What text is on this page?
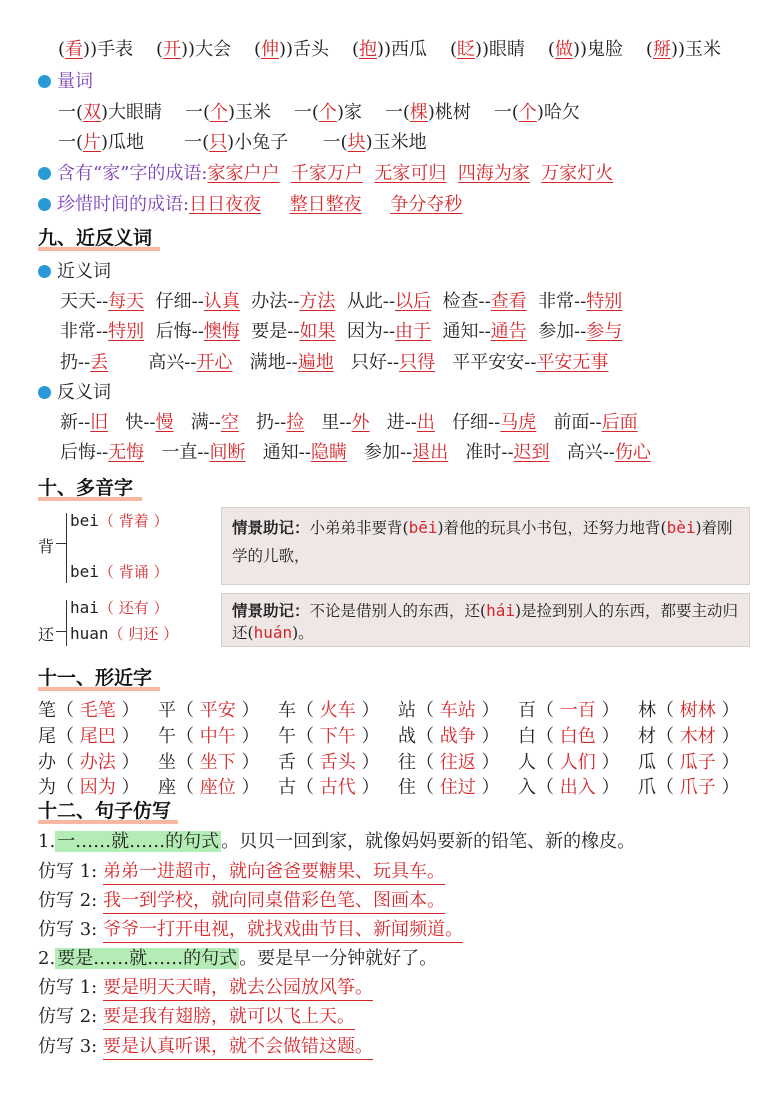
(看))手表 (开))大会 (伸))舌头 (抱))西瓜 (眨))眼睛 (做))鬼脸 (掰))玉米
量词
一(双)大眼睛 一(个)玉米 一(个)家 一(棵)桃树 一(个)哈欠
一(片)瓜地 一(只)小兔子 一(块)玉米地
含有“家”字的成语:家家户户 千家万户 无家可归 四海为家 万家灯火
珍惜时间的成语:日日夜夜 整日整夜 争分夺秒
九、近反义词
近义词
天天--每天 仔细--认真 办法--方法 从此--以后 检查--查看 非常--特别
非常--特别 后悔--懊悔 要是--如果 因为--由于 通知--通告 参加--参与
扔--丢 高兴--开心 满地--遍地 只好--只得 平平安安--平安无事
反义词
新--旧 快--慢 满--空 扔--捡 里--外 进--出 仔细--马虎 前面--后面
后悔--无悔 一直--间断 通知--隐瞒 参加--退出 准时--迟到 高兴--伤心
十、多音字
背
bei（ 背着 ）
bei（ 背诵 ）
情景助记：小弟弟非要背(bēi)着他的玩具小书包，还努力地背(bèi)着刚学的儿歌，
还
hai（ 还有 ）
huan（ 归还 ）
情景助记：不论是借别人的东西，还(hái)是捡到别人的东西，都要主动归还(huán)。
十一、形近字
笔（ 毛笔 ） 平（ 平安 ） 车（ 火车 ） 站（ 车站 ） 百（ 一百 ） 林（ 树林 ）
尾（ 尾巴 ） 午（ 中午 ） 午（ 下午 ） 战（ 战争 ） 白（ 白色 ） 材（ 木材 ）
办（ 办法 ） 坐（ 坐下 ） 舌（ 舌头 ） 往（ 往返 ） 人（ 人们 ） 瓜（ 瓜子 ）
为（ 因为 ） 座（ 座位 ） 古（ 古代 ） 住（ 住过 ） 入（ 出入 ） 爪（ 爪子 ）
十二、句子仿写
1. 一……就……的句式 。贝贝一回到家，就像妈妈要新的铅笔、新的橡皮。
仿写 1: 弟弟一进超市，就向爸爸要糖果、玩具车。
仿写 2: 我一到学校，就向同桌借彩色笔、图画本。
仿写 3: 爷爷一打开电视，就找戏曲节目、新闻频道。
2. 要是……就……的句式 。要是早一分钟就好了。
仿写 1: 要是明天天晴，就去公园放风筝。
仿写 2: 要是我有翅膀，就可以飞上天。
仿写 3: 要是认真听课，就不会做错这题。
